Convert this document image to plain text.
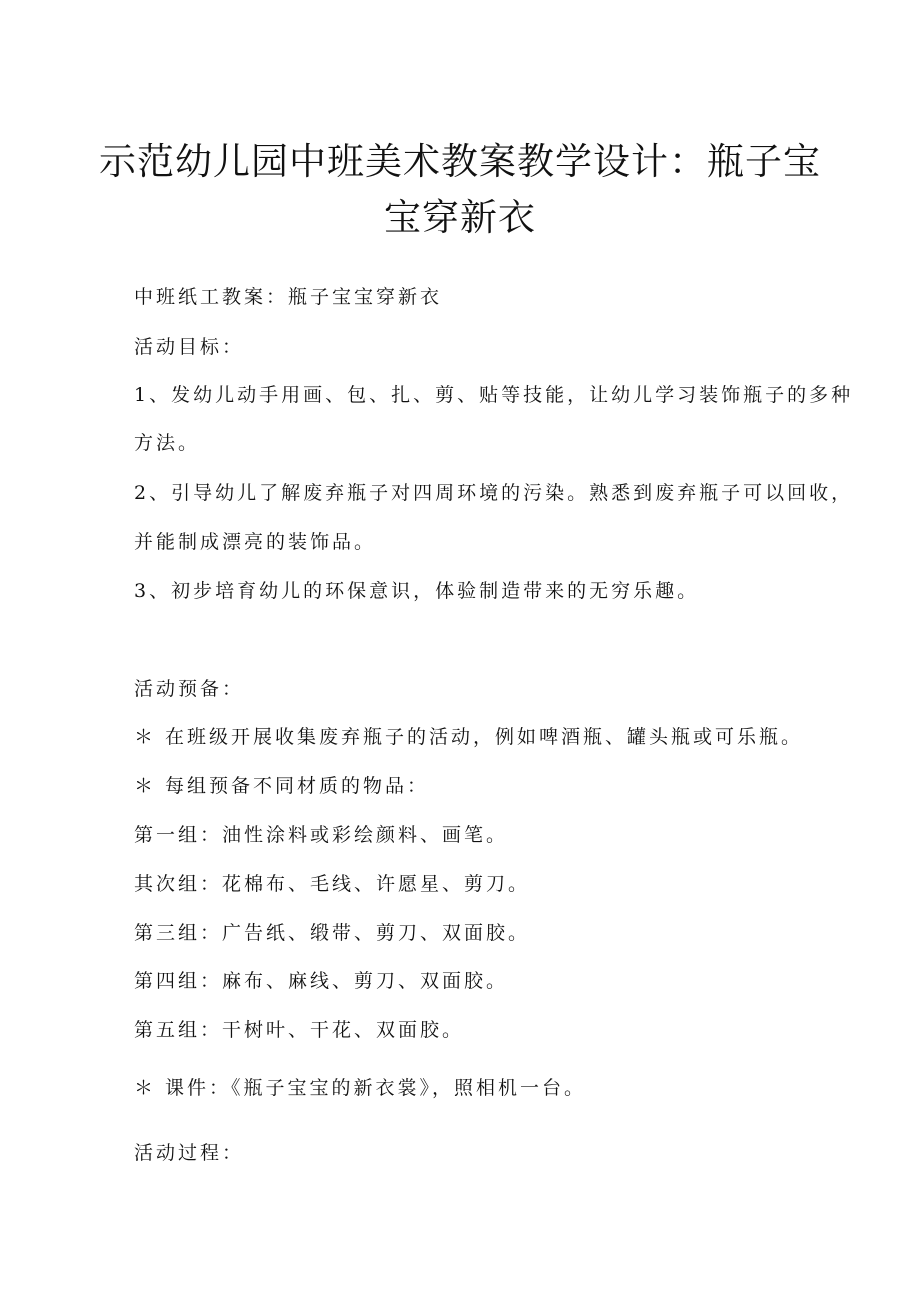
示范幼儿园中班美术教案教学设计：瓶子宝
宝穿新衣

中班纸工教案：瓶子宝宝穿新衣

活动目标：

1、发幼儿动手用画、包、扎、剪、贴等技能，让幼儿学习装饰瓶子的多种

方法。

2、引导幼儿了解废弃瓶子对四周环境的污染。熟悉到废弃瓶子可以回收，

并能制成漂亮的装饰品。

3、初步培育幼儿的环保意识，体验制造带来的无穷乐趣。

活动预备：

＊ 在班级开展收集废弃瓶子的活动，例如啤酒瓶、罐头瓶或可乐瓶。

＊ 每组预备不同材质的物品：

第一组：油性涂料或彩绘颜料、画笔。

其次组：花棉布、毛线、许愿星、剪刀。

第三组：广告纸、缎带、剪刀、双面胶。

第四组：麻布、麻线、剪刀、双面胶。

第五组：干树叶、干花、双面胶。

＊ 课件：《瓶子宝宝的新衣裳》，照相机一台。

活动过程：
